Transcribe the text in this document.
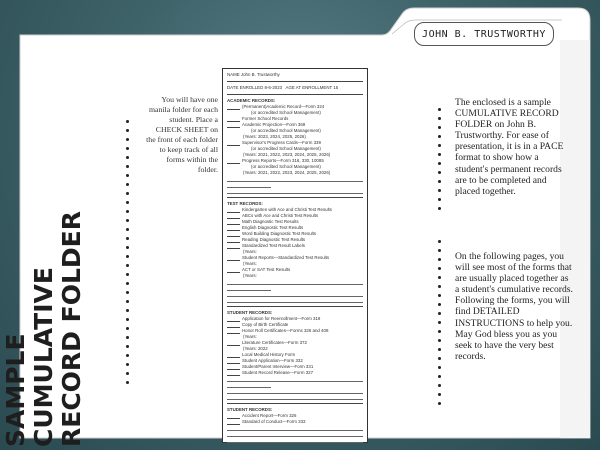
JOHN B. TRUSTWORTHY
SAMPLE CUMULATIVE RECORD FOLDER
You will have one manila folder for each student. Place a CHECK SHEET on the front of each folder to keep track of all forms within the folder.
The enclosed is a sample CUMULATIVE RECORD FOLDER on John B. Trustworthy. For ease of presentation, it is in a PACE format to show how a student's permanent records are to be completed and placed together.
On the following pages, you will see most of the forms that are usually placed together as a student's cumulative records. Following the forms, you will find DETAILED INSTRUCTIONS to help you. May God bless you as you seek to have the very best records.
NAME John B. Trustworthy
DATE ENROLLED 8-6-2023 AGE AT ENROLLMENT 15
ACADEMIC RECORDS:
(Permanent)Academic Record—Form 324
(or accredited School Management)
Former School Records
Academic Projection—Form 369
(or accredited School Management)
(Years: 2023, 2024, 2025, 2026)
Supervisor's Progress Cards—Form 339
(or accredited School Management)
(Years: 2021, 2022, 2023, 2024, 2025, 2026)
Progress Reports—Form 316, 330, 10085
(or accredited School Management)
(Years: 2021, 2022, 2023, 2024, 2025, 2026)
TEST RECORDS:
Kindergarten with Ace and Christi Test Results
ABCs with Ace and Christi Test Results
Math Diagnostic Test Results
English Diagnostic Test Results
Word Building Diagnostic Test Results
Reading Diagnostic Test Results
Standardized Test Result Labels
(Years:
Student Reports—Standardized Test Results
(Years:
ACT or SAT Test Results
(Years:
STUDENT RECORDS:
Application for Reenrollment—Form 319
Copy of Birth Certificate
Honor Roll Certificates—Forms 326 and 408
(Years:
Literature Certificates—Form 372
(Years: 2022
Local Medical History Form
Student Application—Form 332
Student/Parent Interview—Form 331
Student Record Release—Form 327
STUDENT RECORDS:
Accident Report—Form 326
Standard of Conduct—Form 333
